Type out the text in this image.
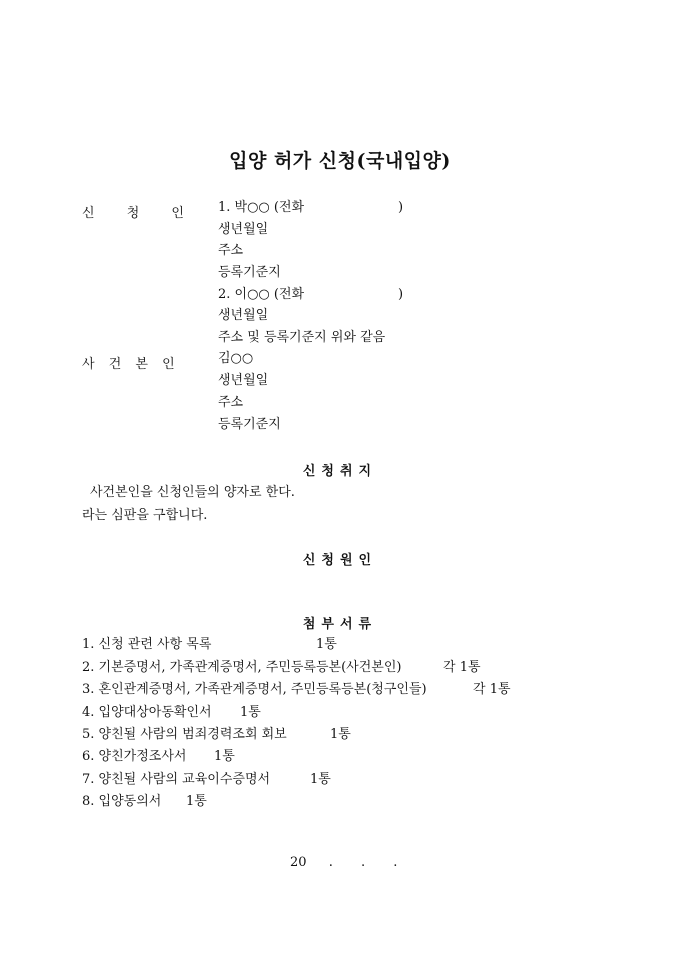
입양 허가 신청(국내입양)
신 청 인 1. 박○○ (전화	)
생년월일
주소
등록기준지
2. 이○○ (전화	)
생년월일
주소 및 등록기준지 위와 같음
사 건 본 인	김○○
생년월일
주소
등록기준지
신청취지
사건본인을 신청인들의 양자로 한다.
라는 심판을 구합니다.
신청원인
첨부서류
1. 신청 관련 사항 목록	1통
2. 기본증명서, 가족관계증명서, 주민등록등본(사건본인)	각 1통
3. 혼인관계증명서, 가족관계증명서, 주민등록등본(청구인들)	각 1통
4. 입양대상아동확인서 1통
5. 양친될 사람의 범죄경력조회 회보	1통
6. 양친가정조사서 1통
7. 양친될 사람의 교육이수증명서	1통
8. 입양동의서 1통
20 . . .
